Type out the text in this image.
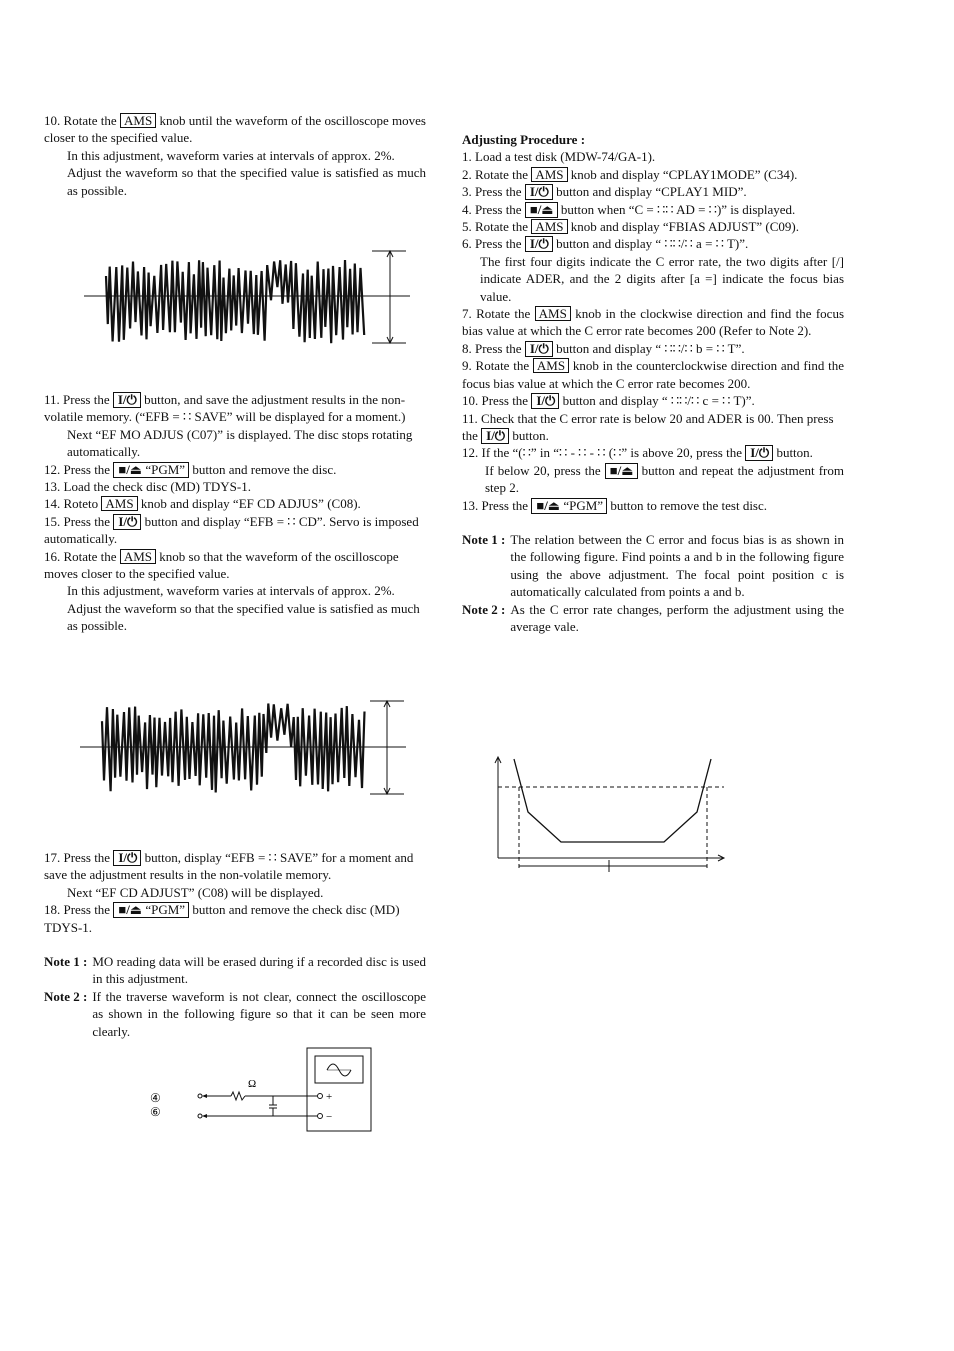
10. Rotate the AMS knob until the waveform of the oscilloscope moves closer to the specified value.
In this adjustment, waveform varies at intervals of approx. 2%.
Adjust the waveform so that the specified value is satisfied as much as possible.
11. Press the I/⏻ button, and save the adjustment results in the non-volatile memory. (“EFB = ∷ SAVE” will be displayed for a moment.)
Next “EF MO ADJUS (C07)” is displayed. The disc stops rotating automatically.
12. Press the ■/⏏ “PGM” button and remove the disc.
13. Load the check disc (MD) TDYS-1.
14. Roteto AMS knob and display “EF CD ADJUS” (C08).
15. Press the I/⏻ button and display “EFB = ∷ CD”. Servo is imposed automatically.
16. Rotate the AMS knob so that the waveform of the oscilloscope moves closer to the specified value.
In this adjustment, waveform varies at intervals of approx. 2%.
Adjust the waveform so that the specified value is satisfied as much as possible.
17. Press the I/⏻ button, display “EFB = ∷ SAVE” for a moment and save the adjustment results in the non-volatile memory.
Next “EF CD ADJUST” (C08) will be displayed.
18. Press the ■/⏏ “PGM” button and remove the check disc (MD) TDYS-1.
Note 1 : MO reading data will be erased during if a recorded disc is used in this adjustment.
Note 2 : If the traverse waveform is not clear, connect the oscilloscope as shown in the following figure so that it can be seen more clearly.
④
⑥
Ω
+
−
Adjusting Procedure :
1. Load a test disk (MDW-74/GA-1).
2. Rotate the AMS knob and display “CPLAY1MODE” (C34).
3. Press the I/⏻ button and display “CPLAY1 MID”.
4. Press the ■/⏏ button when “C = ∷∷ AD = ∷)” is displayed.
5. Rotate the AMS knob and display “FBIAS ADJUST” (C09).
6. Press the I/⏻ button and display “ ∷∷/∷ a = ∷ T)”.
The first four digits indicate the C error rate, the two digits after [/] indicate ADER, and the 2 digits after [a =] indicate the focus bias value.
7. Rotate the AMS knob in the clockwise direction and find the focus bias value at which the C error rate becomes 200 (Refer to Note 2).
8. Press the I/⏻ button and display “ ∷∷/∷ b = ∷ T”.
9. Rotate the AMS knob in the counterclockwise direction and find the focus bias value at which the C error rate becomes 200.
10. Press the I/⏻ button and display “ ∷∷/∷ c = ∷ T)”.
11. Check that the C error rate is below 20 and ADER is 00. Then press the I/⏻ button.
12. If the “(∷” in “∷ - ∷ - ∷ (∷” is above 20, press the I/⏻ button.
If below 20, press the ■/⏏ button and repeat the adjustment from step 2.
13. Press the ■/⏏ “PGM” button to remove the test disc.
Note 1 : The relation between the C error and focus bias is as shown in the following figure. Find points a and b in the following figure using the above adjustment. The focal point position c is automatically calculated from points a and b.
Note 2 : As the C error rate changes, perform the adjustment using the average vale.
